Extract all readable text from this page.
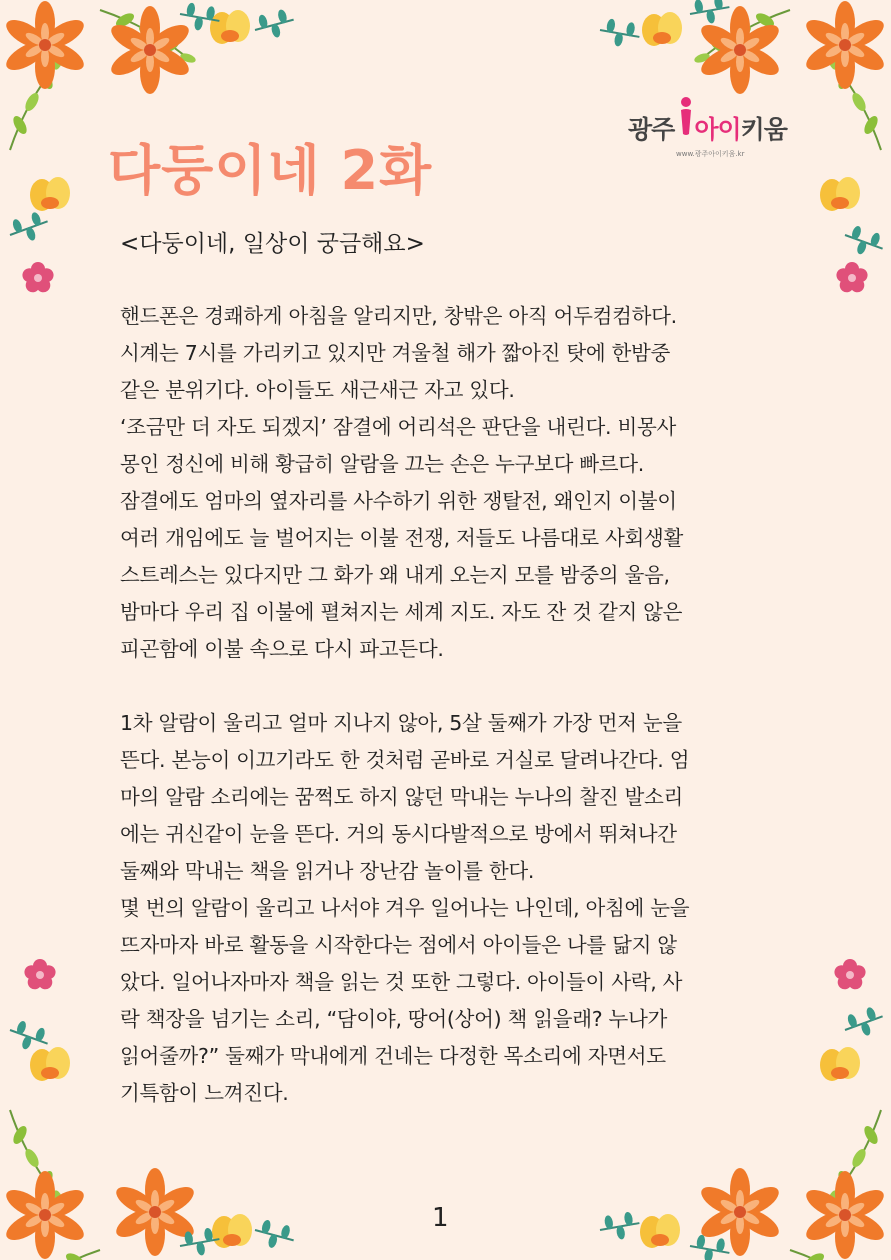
광주 아이키움
www.광주아이키움.kr
다둥이네 2화
<다둥이네, 일상이 궁금해요>

핸드폰은 경쾌하게 아침을 알리지만, 창밖은 아직 어두컴컴하다.
시계는 7시를 가리키고 있지만 겨울철 해가 짧아진 탓에 한밤중
같은 분위기다. 아이들도 새근새근 자고 있다.
‘조금만 더 자도 되겠지’ 잠결에 어리석은 판단을 내린다. 비몽사
몽인 정신에 비해 황급히 알람을 끄는 손은 누구보다 빠르다.
잠결에도 엄마의 옆자리를 사수하기 위한 쟁탈전, 왜인지 이불이
여러 개임에도 늘 벌어지는 이불 전쟁, 저들도 나름대로 사회생활
스트레스는 있다지만 그 화가 왜 내게 오는지 모를 밤중의 울음,
밤마다 우리 집 이불에 펼쳐지는 세계 지도. 자도 잔 것 같지 않은
피곤함에 이불 속으로 다시 파고든다.

1차 알람이 울리고 얼마 지나지 않아, 5살 둘째가 가장 먼저 눈을
뜬다. 본능이 이끄기라도 한 것처럼 곧바로 거실로 달려나간다. 엄
마의 알람 소리에는 꿈쩍도 하지 않던 막내는 누나의 찰진 발소리
에는 귀신같이 눈을 뜬다. 거의 동시다발적으로 방에서 뛰쳐나간
둘째와 막내는 책을 읽거나 장난감 놀이를 한다.
몇 번의 알람이 울리고 나서야 겨우 일어나는 나인데, 아침에 눈을
뜨자마자 바로 활동을 시작한다는 점에서 아이들은 나를 닮지 않
았다. 일어나자마자 책을 읽는 것 또한 그렇다. 아이들이 사락, 사
락 책장을 넘기는 소리, “담이야, 땅어(상어) 책 읽을래? 누나가
읽어줄까?” 둘째가 막내에게 건네는 다정한 목소리에 자면서도
기특함이 느껴진다.

1
